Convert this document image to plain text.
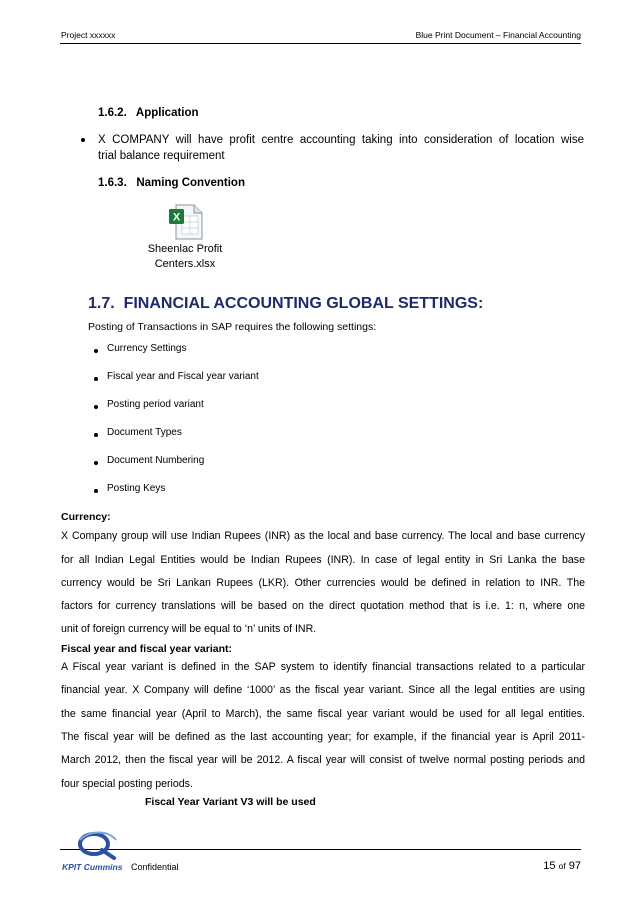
Project xxxxxx	Blue Print Document – Financial Accounting
1.6.2.   Application
X  COMPANY  will  have  profit  centre  accounting  taking  into  consideration  of  location  wise
trial balance requirement
1.6.3.   Naming Convention
X
Sheenlac Profit
Centers.xlsx
1.7.  FINANCIAL ACCOUNTING GLOBAL SETTINGS:
Posting of Transactions in SAP requires the following settings:
Currency Settings
Fiscal year and Fiscal year variant
Posting period variant
Document Types
Document Numbering
Posting Keys
Currency:
X Company group will use Indian Rupees (INR) as the local and base currency. The local and base currency
for all Indian Legal Entities would be Indian Rupees (INR). In case of legal entity in Sri Lanka the base
currency would be Sri Lankan Rupees (LKR). Other currencies would be defined in relation to INR. The
factors for currency translations will be based on the direct quotation method that is i.e. 1: n, where one
unit of foreign currency will be equal to ‘n’ units of INR.
Fiscal year and fiscal year variant:
A Fiscal year variant is defined in the SAP system to identify financial transactions related to a particular
financial year. X Company will define ‘1000’ as the fiscal year variant. Since all the legal entities are using
the same financial year (April to March), the same fiscal year variant would be used for all legal entities.
The fiscal year will be defined as the last accounting year; for example, if the financial year is April 2011-
March 2012, then the fiscal year will be 2012. A fiscal year will consist of twelve normal posting periods and
four special posting periods.
Fiscal Year Variant V3 will be used
KPIT Cummins Confidential	15 of 97
